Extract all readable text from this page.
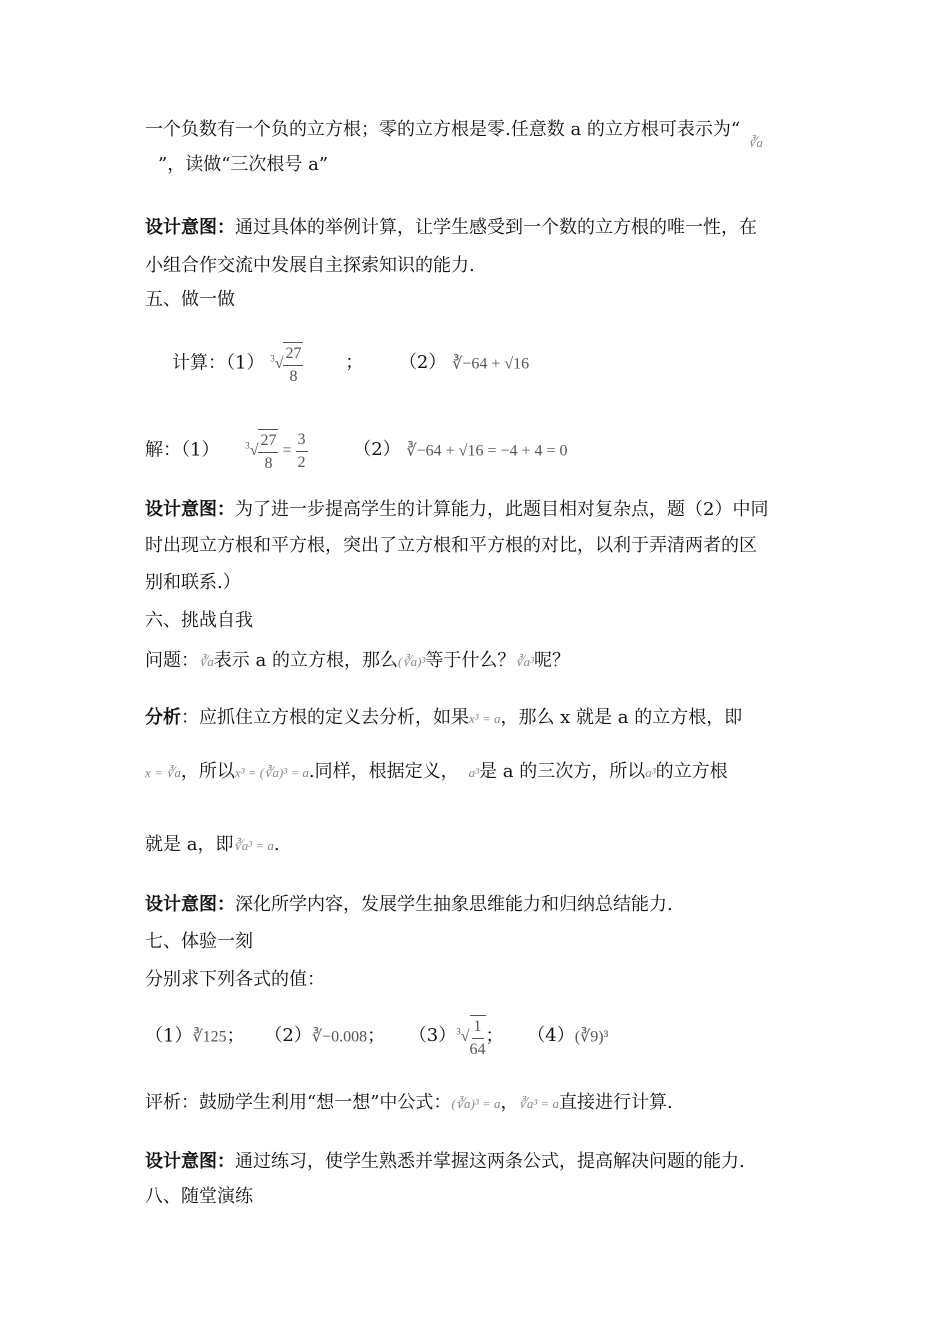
一个负数有一个负的立方根；零的立方根是零.任意数 a 的立方根可表示为“$_{∛a}$
”，读做“三次根号 a”
设计意图：通过具体的举例计算，让学生感受到一个数的立方根的唯一性，在
小组合作交流中发展自主探索知识的能力.
五、做一做
计算：（1） $^3√ \frac{27}{8}$ ； （2） ∛−64 + √16
解：（1）	$^3√ \frac{27}{8} = \frac{3}{2}$	（2） ∛−64 + √16 = −4 + 4 = 0
设计意图：为了进一步提高学生的计算能力，此题目相对复杂点，题（2）中同
时出现立方根和平方根，突出了立方根和平方根的对比，以利于弄清两者的区
别和联系.）
六、挑战自我
问题：∛a表示 a 的立方根，那么(∛a)³等于什么？∛a³呢？
分析：应抓住立方根的定义去分析，如果x³ = a，那么 x 就是 a 的立方根，即
x = ∛a，所以x³ = (∛a)³ = a.同样，根据定义， a³是 a 的三次方，所以a³的立方根
就是 a，即∛a³ = a.
设计意图：深化所学内容，发展学生抽象思维能力和归纳总结能力.
七、体验一刻
分别求下列各式的值：
（1）∛125； （2）∛−0.008； $(3)^3√ \frac{1}{64}$ ； （4）(∛9)³
评析：鼓励学生利用“想一想”中公式：(∛a)³ = a，∛a³ = a直接进行计算.
设计意图：通过练习，使学生熟悉并掌握这两条公式，提高解决问题的能力.
八、随堂演练
